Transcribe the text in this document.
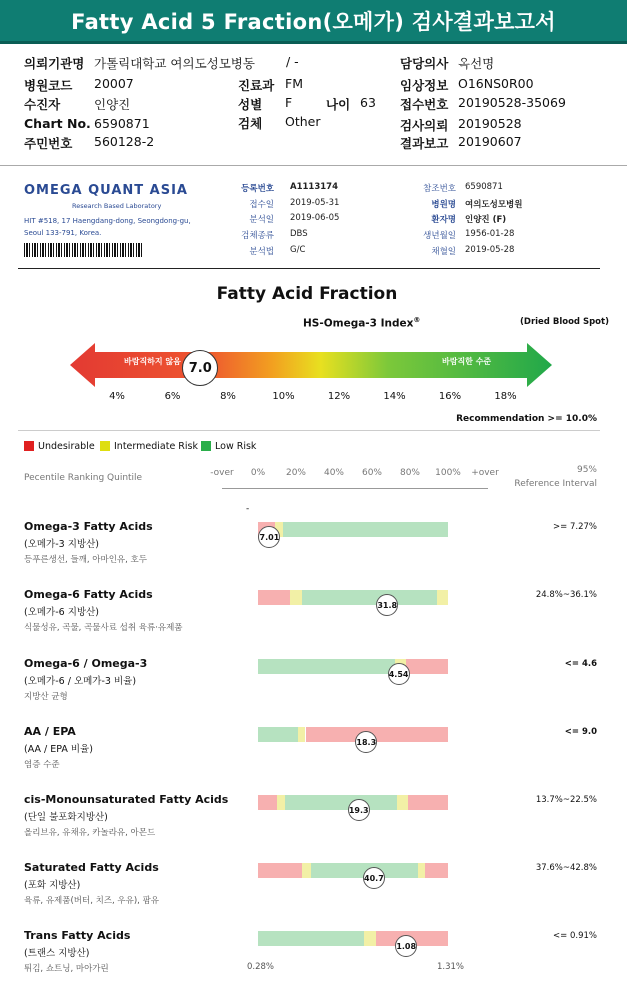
Fatty Acid 5 Fraction(오메가) 검사결과보고서
의뢰기관명 가톨릭대학교 여의도성모병동
병원코드 20007
수진자	인양진
Chart No. 6590871
주민번호 560128-2
/ -
진료과 FM
성별 F	나이 63
검체 Other
담당의사 옥선명
임상정보 O16NS0R00
접수번호 20190528-35069
검사의뢰 20190528
결과보고 20190607
OMEGA QUANT ASIA
Research Based Laboratory
HIT #518, 17 Haengdang-dong, Seongdong-gu,
Seoul 133-791, Korea.
등록번호 A1113174
접수일 2019-05-31
분석일 2019-06-05
검체종류 DBS
분석법 G/C
참조번호 6590871
병원명 여의도성모병원
환자명 인양진 (F)
생년월일 1956-01-28
채혈일 2019-05-28
Fatty Acid Fraction
HS-Omega-3 Index®	(Dried Blood Spot)
바람직하지 않음	바람직한 수준
7.0
4%	6%	8%	10%	12%	14%	16%	18%
Recommendation >= 10.0%
Undesirable Intermediate Risk Low Risk
Pecentile Ranking Quintile	-over	0%	20%	40%	60%	80%	100%	+over	95%
Reference Interval
-
Omega-3 Fatty Acids
(오메가-3 지방산)
등푸른생선, 들깨, 아마인유, 호두
7.01
>= 7.27%
Omega-6 Fatty Acids
(오메가-6 지방산)
식물성유, 곡물, 곡물사료 섭취 육류·유제품
31.8
24.8%~36.1%
Omega-6 / Omega-3
(오메가-6 / 오메가-3 비율)
지방산 균형
4.54
<= 4.6
AA / EPA
(AA / EPA 비율)
염증 수준
18.3
<= 9.0
cis-Monounsaturated Fatty Acids
(단일 불포화지방산)
올리브유, 유채유, 카놀라유, 아몬드
19.3
13.7%~22.5%
Saturated Fatty Acids
(포화 지방산)
육류, 유제품(버터, 치즈, 우유), 팜유
40.7
37.6%~42.8%
Trans Fatty Acids
(트랜스 지방산)
튀김, 쇼트닝, 마아가린
1.08
<= 0.91%
0.28%	1.31%
